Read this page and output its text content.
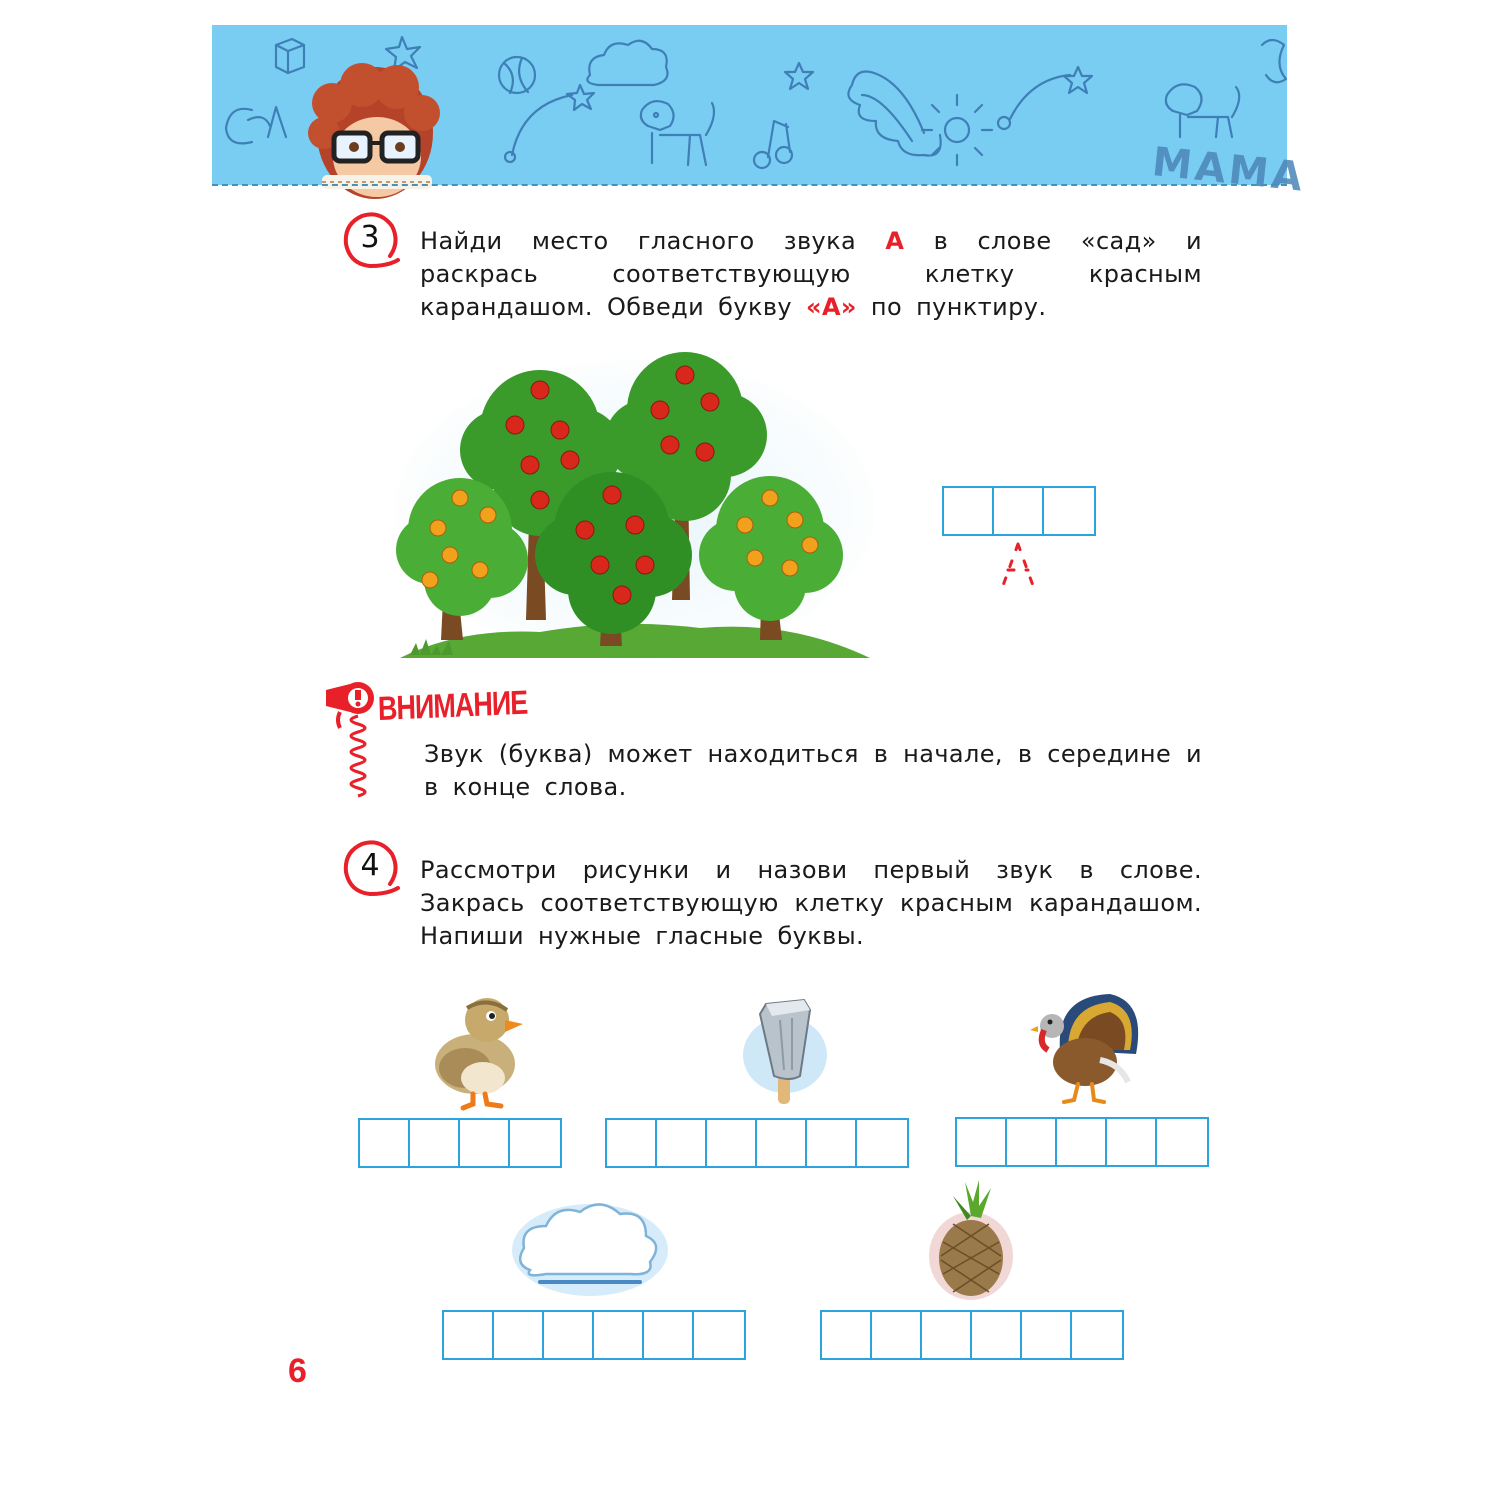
МАМА
3	Найди место гласного звука А в слове «сад» и раскрась соответствующую клетку красным карандашом. Обведи букву «А» по пунктиру.
ВНИМАНИЕ
Звук (буква) может находиться в начале, в середине и в конце слова.
4	Рассмотри рисунки и назови первый звук в слове. Закрась соответствующую клетку красным карандашом. Напиши нужные гласные буквы.
6
